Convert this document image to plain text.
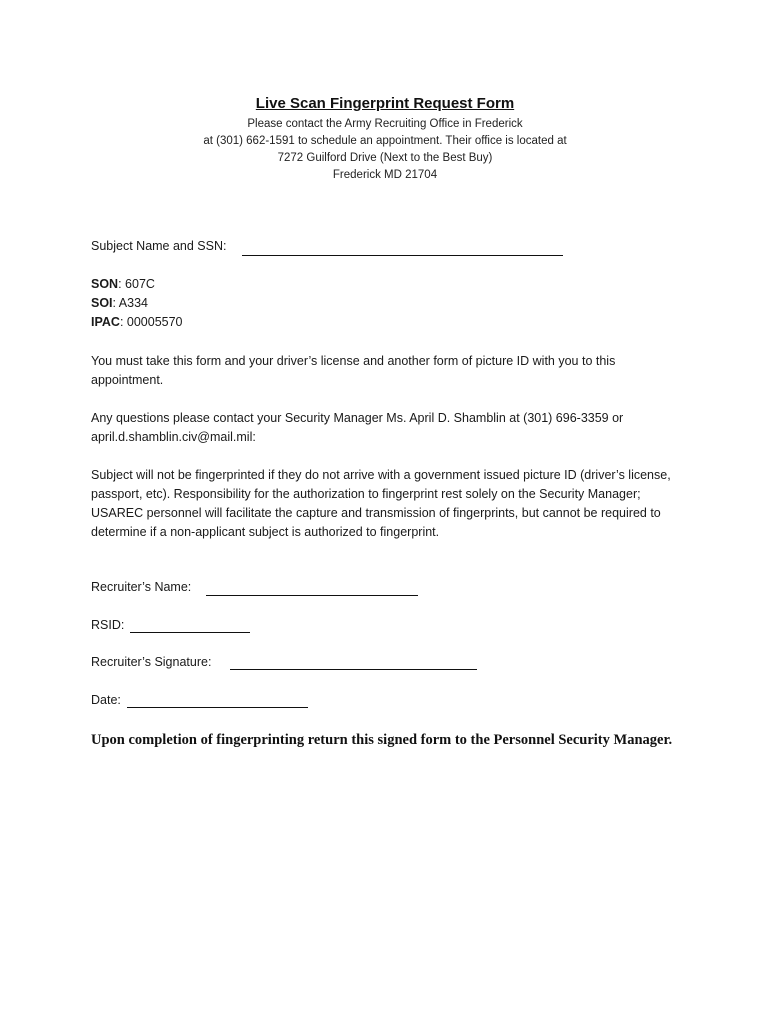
Live Scan Fingerprint Request Form
Please contact the Army Recruiting Office in Frederick
at (301) 662-1591 to schedule an appointment. Their office is located at
7272 Guilford Drive (Next to the Best Buy)
Frederick MD 21704
Subject Name and SSN:
SON: 607C
SOI: A334
IPAC: 00005570
You must take this form and your driver’s license and another form of picture ID with you to this appointment.
Any questions please contact your Security Manager Ms. April D. Shamblin at (301) 696-3359 or april.d.shamblin.civ@mail.mil:
Subject will not be fingerprinted if they do not arrive with a government issued picture ID (driver’s license, passport, etc). Responsibility for the authorization to fingerprint rest solely on the Security Manager; USAREC personnel will facilitate the capture and transmission of fingerprints, but cannot be required to determine if a non-applicant subject is authorized to fingerprint.
Recruiter’s Name:
RSID:
Recruiter’s Signature:
Date:
Upon completion of fingerprinting return this signed form to the Personnel Security Manager.
